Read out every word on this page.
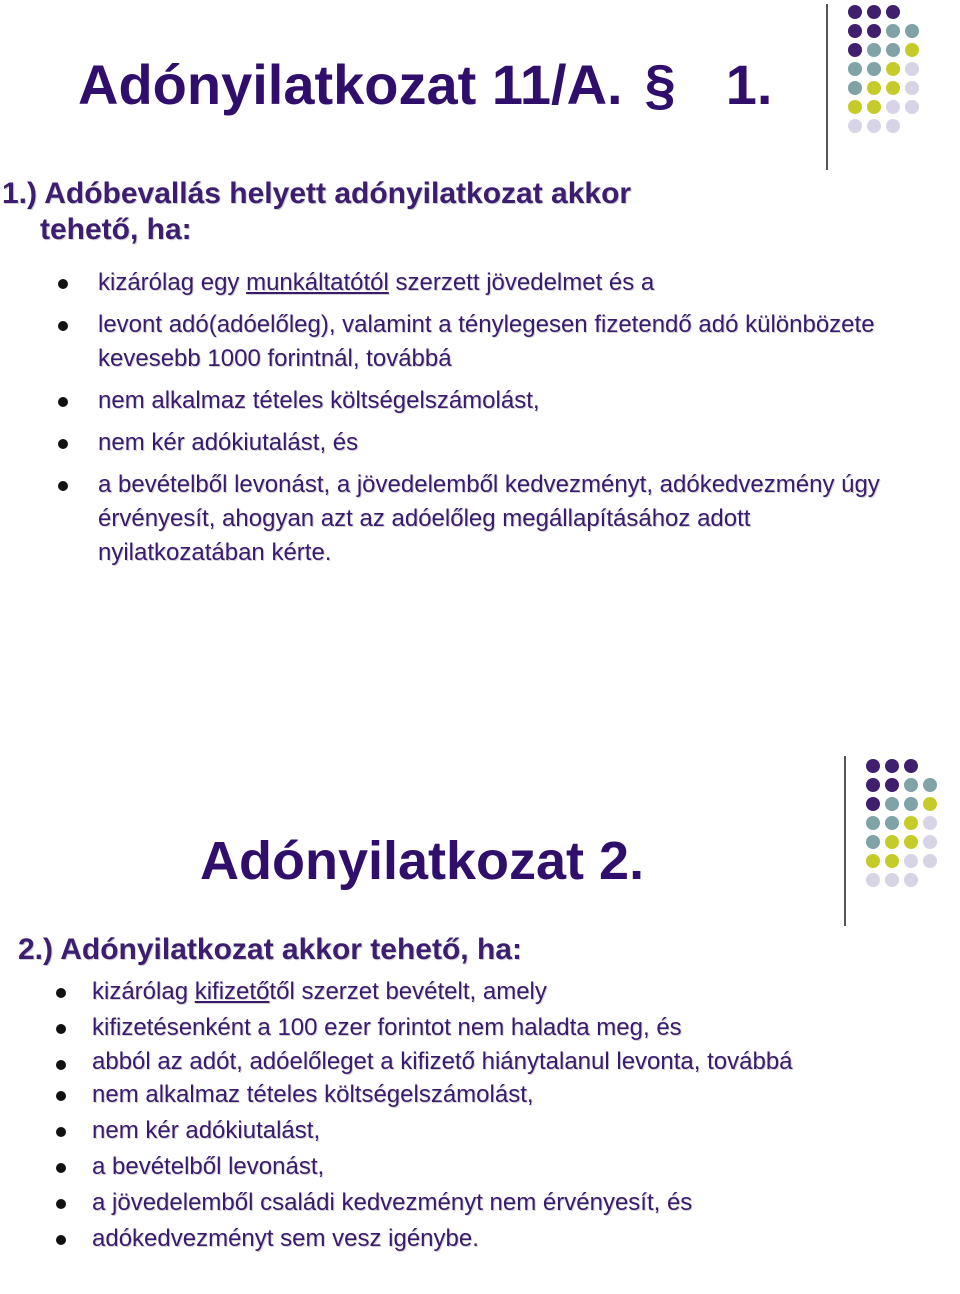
Adónyilatkozat 11/A. § 1.

1.) Adóbevallás helyett adónyilatkozat akkor
tehető, ha:

kizárólag egy munkáltatótól szerzett jövedelmet és a
levont adó(adóelőleg), valamint a ténylegesen fizetendő adó különbözete kevesebb 1000 forintnál, továbbá
nem alkalmaz tételes költségelszámolást,
nem kér adókiutalást, és
a bevételből levonást, a jövedelemből kedvezményt, adókedvezmény úgy érvényesít, ahogyan azt az adóelőleg megállapításához adott nyilatkozatában kérte.
Adónyilatkozat 2.

2.) Adónyilatkozat akkor tehető, ha:

kizárólag kifizetőtől szerzet bevételt, amely
kifizetésenként a 100 ezer forintot nem haladta meg, és
abból az adót, adóelőleget a kifizető hiánytalanul levonta, továbbá
nem alkalmaz tételes költségelszámolást,
nem kér adókiutalást,
a bevételből levonást,
a jövedelemből családi kedvezményt nem érvényesít, és
adókedvezményt sem vesz igénybe.
